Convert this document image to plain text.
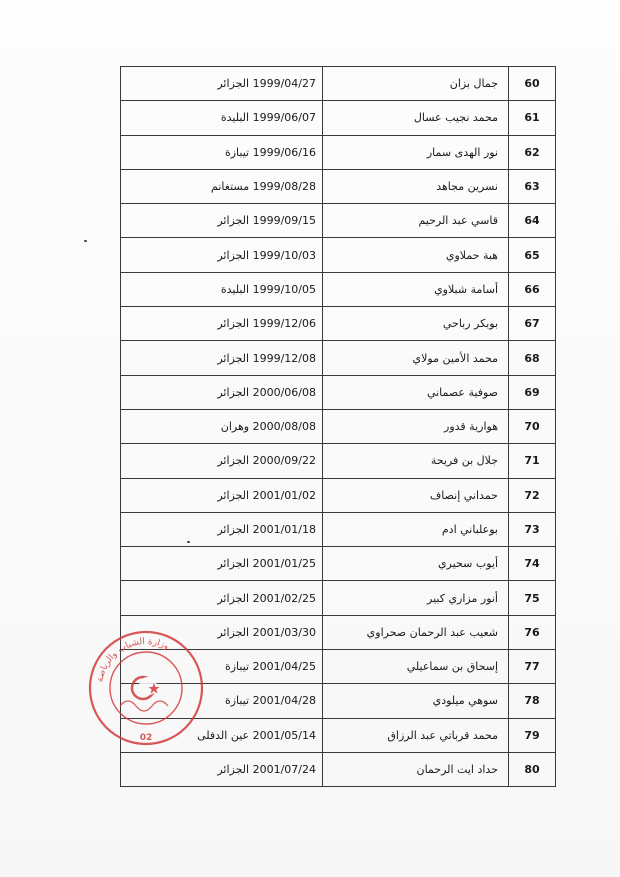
60	جمال بزان	1999/04/27 الجزائر
61	محمد نجيب عسال	1999/06/07 البليدة
62	نور الهدى سمار	1999/06/16 تيبازة
63	نسرين مجاهد	1999/08/28 مستغانم
64	قاسي عبد الرحيم	1999/09/15 الجزائر
65	هبة حملاوي	1999/10/03 الجزائر
66	أسامة شبلاوي	1999/10/05 البليدة
67	بوبكر رباحي	1999/12/06 الجزائر
68	محمد الأمين مولاي	1999/12/08 الجزائر
69	صوفية عصماني	2000/06/08 الجزائر
70	هوارية قدور	2000/08/08 وهران
71	جلال بن فريحة	2000/09/22 الجزائر
72	حمداني إنصاف	2001/01/02 الجزائر
73	بوعلباني ادم	2001/01/18 الجزائر
74	أيوب سحيري	2001/01/25 الجزائر
75	أنور مزاري كبير	2001/02/25 الجزائر
76	شعيب عبد الرحمان صحراوي	2001/03/30 الجزائر
77	إسحاق بن سماعيلي	2001/04/25 تيبازة
78	سوهي ميلودي	2001/04/28 تيبازة
79	محمد قرباتي عبد الرزاق	2001/05/14 عين الدفلى
80	حداد ايت الرحمان	2001/07/24 الجزائر
وزارة الشباب والرياضة
02
